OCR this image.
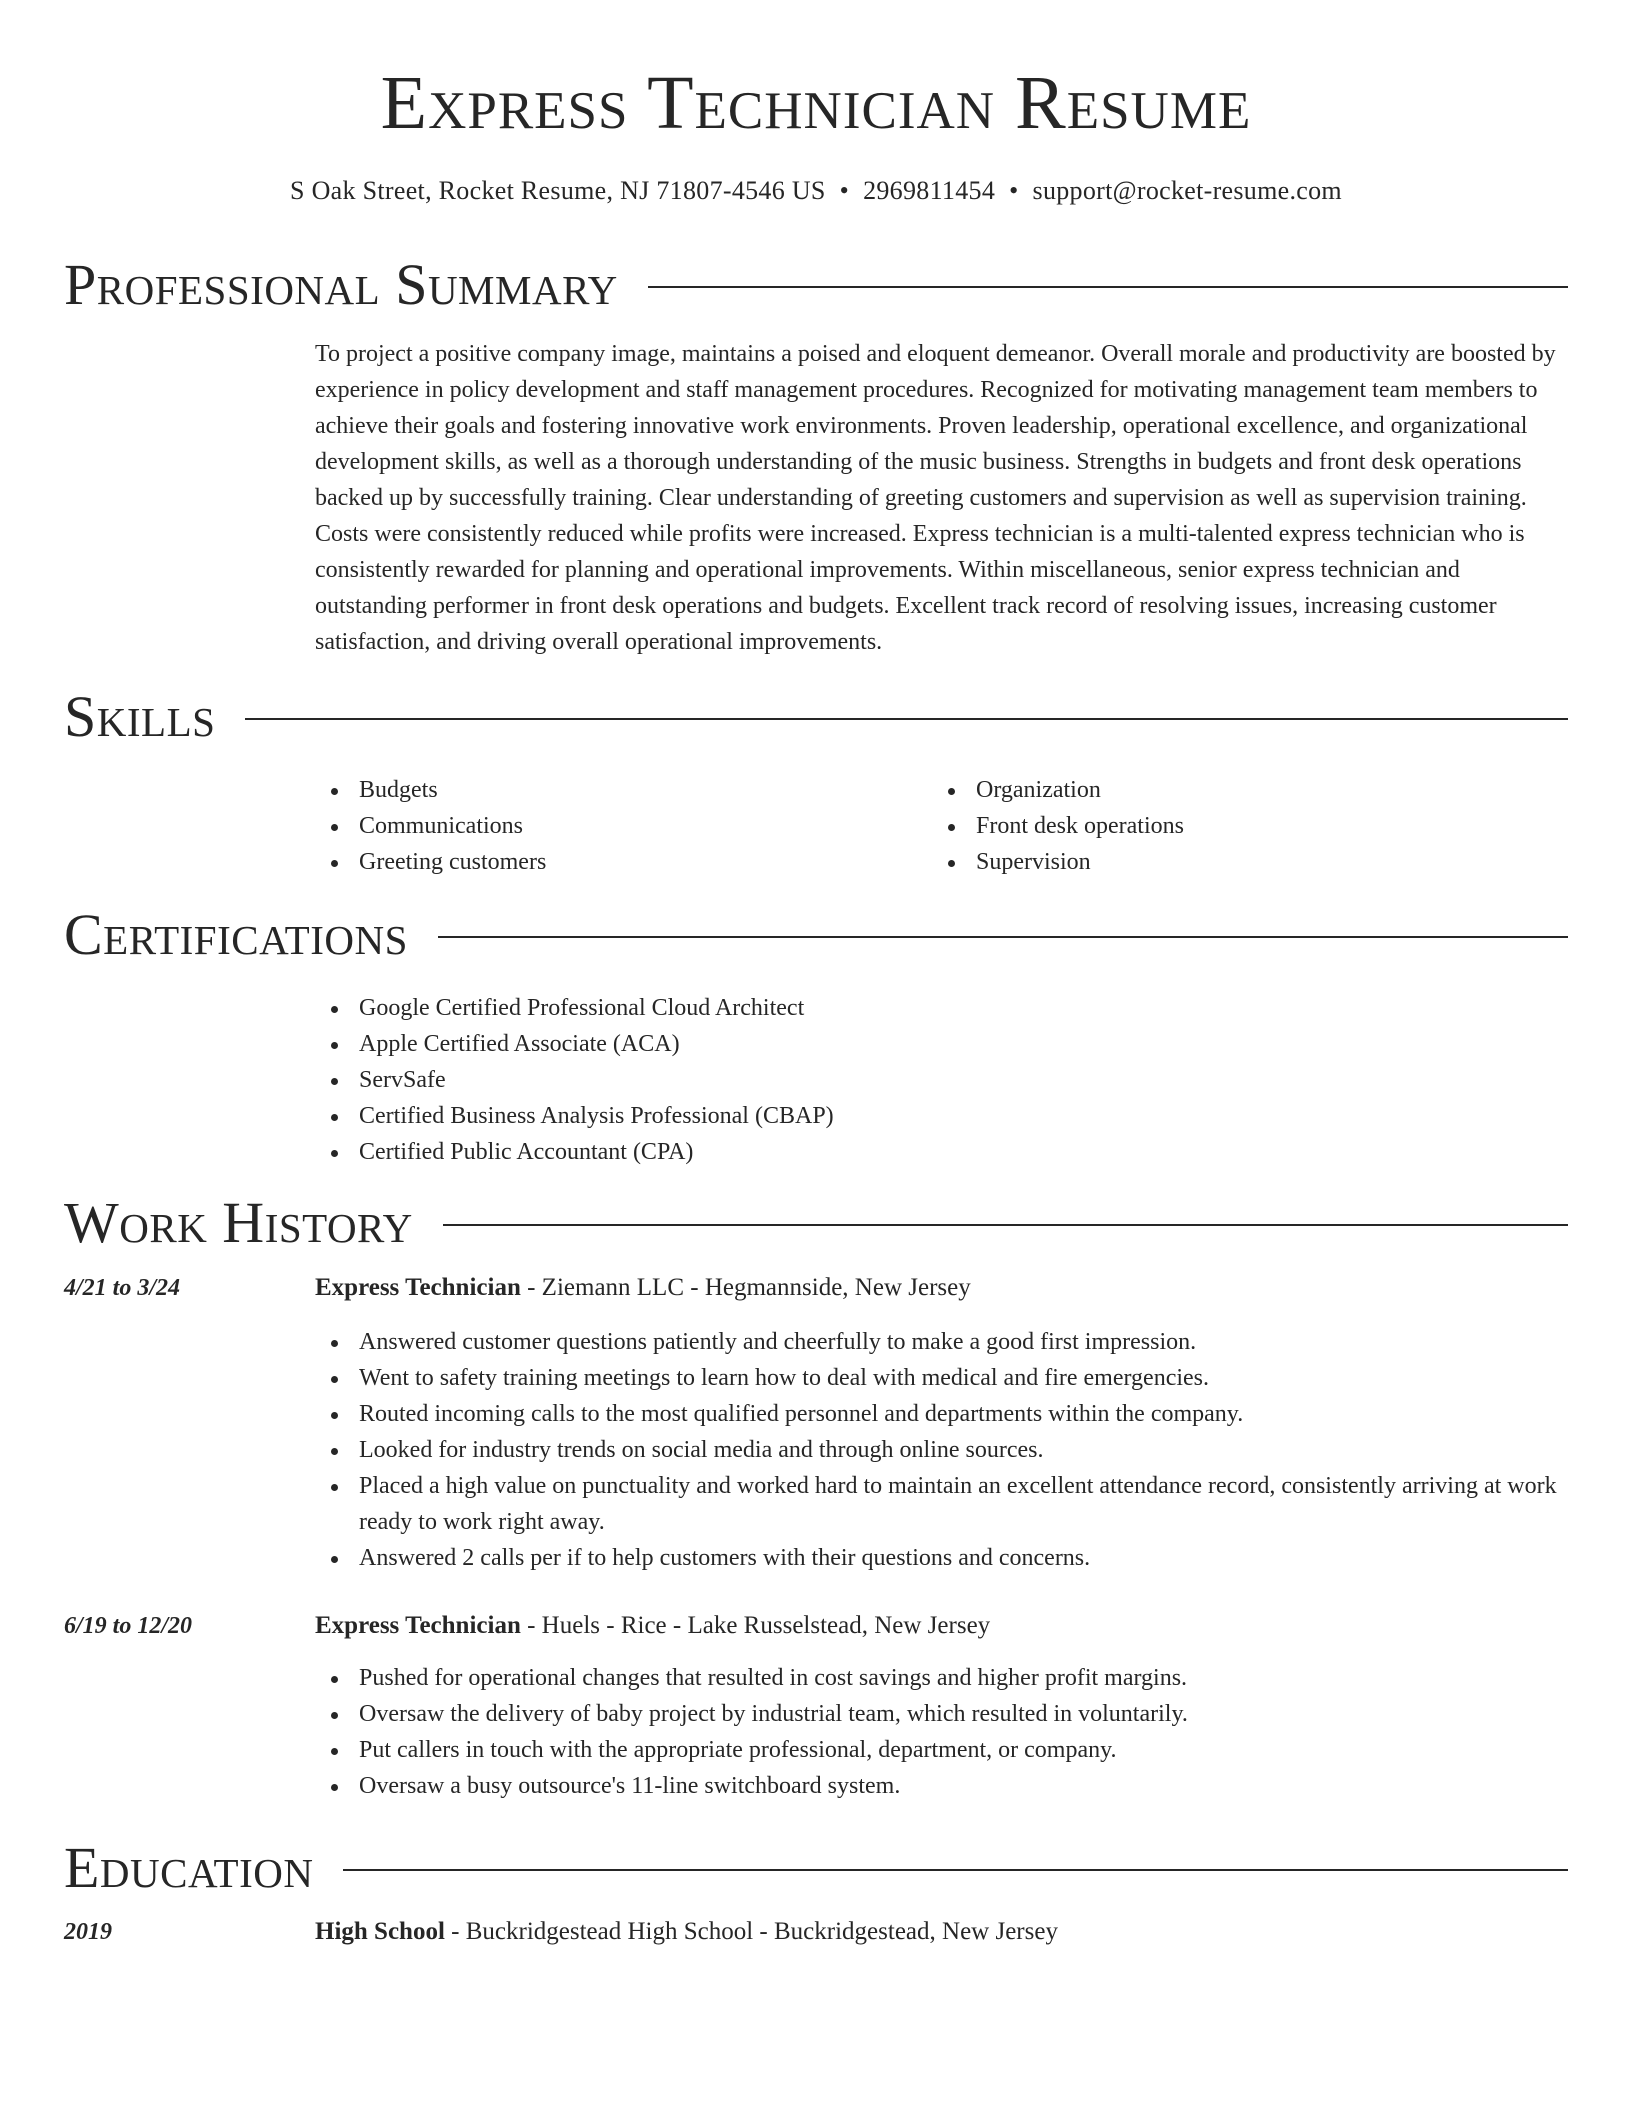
Express Technician Resume
S Oak Street, Rocket Resume, NJ 71807-4546 US • 2969811454 • support@rocket-resume.com
Professional Summary

To project a positive company image, maintains a poised and eloquent demeanor. Overall morale and productivity are boosted by experience in policy development and staff management procedures. Recognized for motivating management team members to achieve their goals and fostering innovative work environments. Proven leadership, operational excellence, and organizational development skills, as well as a thorough understanding of the music business. Strengths in budgets and front desk operations backed up by successfully training. Clear understanding of greeting customers and supervision as well as supervision training. Costs were consistently reduced while profits were increased. Express technician is a multi-talented express technician who is consistently rewarded for planning and operational improvements. Within miscellaneous, senior express technician and outstanding performer in front desk operations and budgets. Excellent track record of resolving issues, increasing customer satisfaction, and driving overall operational improvements.

Skills
Budgets
Communications
Greeting customers
Organization
Front desk operations
Supervision
Certifications
Google Certified Professional Cloud Architect
Apple Certified Associate (ACA)
ServSafe
Certified Business Analysis Professional (CBAP)
Certified Public Accountant (CPA)
Work History
4/21 to 3/24	Express Technician - Ziemann LLC - Hegmannside, New Jersey
Answered customer questions patiently and cheerfully to make a good first impression.
Went to safety training meetings to learn how to deal with medical and fire emergencies.
Routed incoming calls to the most qualified personnel and departments within the company.
Looked for industry trends on social media and through online sources.
Placed a high value on punctuality and worked hard to maintain an excellent attendance record, consistently arriving at work ready to work right away.
Answered 2 calls per if to help customers with their questions and concerns.
6/19 to 12/20	Express Technician - Huels - Rice - Lake Russelstead, New Jersey
Pushed for operational changes that resulted in cost savings and higher profit margins.
Oversaw the delivery of baby project by industrial team, which resulted in voluntarily.
Put callers in touch with the appropriate professional, department, or company.
Oversaw a busy outsource's 11-line switchboard system.
Education
2019	High School - Buckridgestead High School - Buckridgestead, New Jersey
